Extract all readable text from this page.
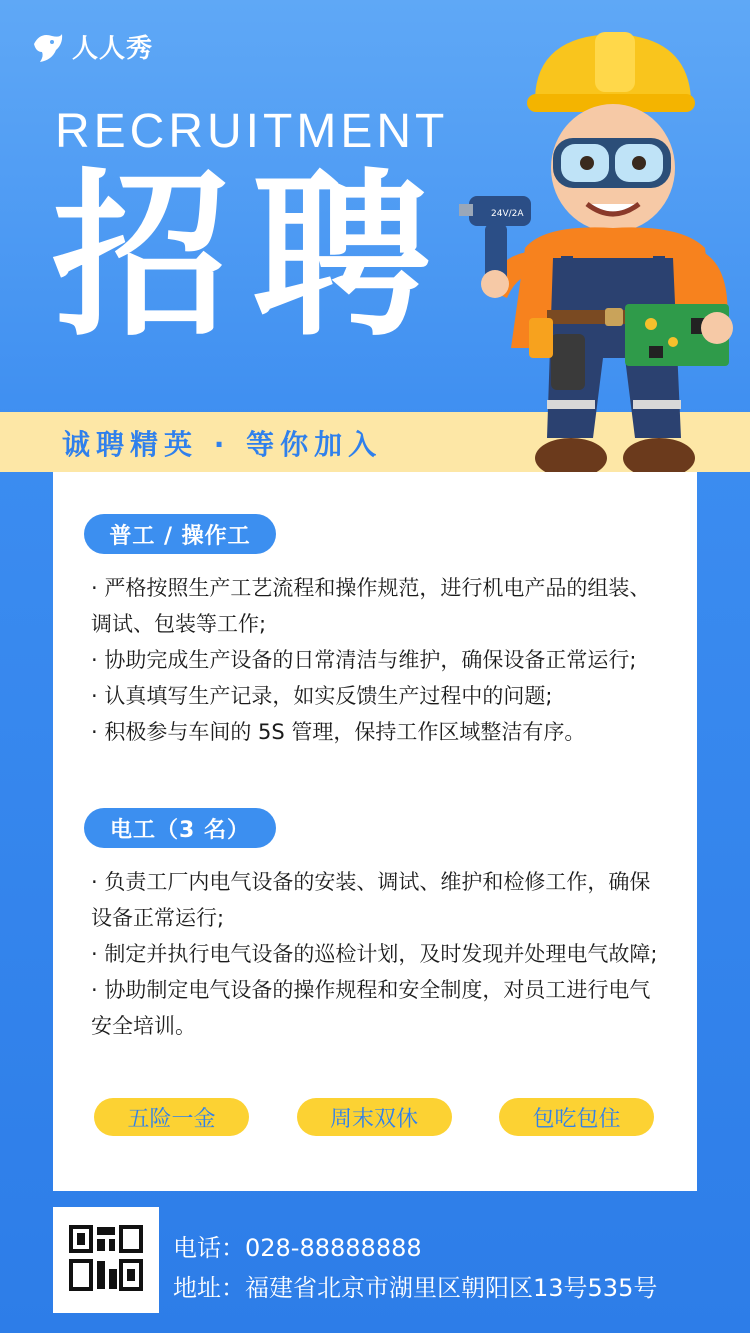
人人秀
RECRUITMENT
招聘
诚聘精英 · 等你加入
24V/2A
普工 / 操作工
· 严格按照生产工艺流程和操作规范，进行机电产品的组装、调试、包装等工作;
· 协助完成生产设备的日常清洁与维护，确保设备正常运行;
· 认真填写生产记录，如实反馈生产过程中的问题;
· 积极参与车间的 5S 管理，保持工作区域整洁有序。
电工（3 名）
· 负责工厂内电气设备的安装、调试、维护和检修工作，确保设备正常运行;
· 制定并执行电气设备的巡检计划，及时发现并处理电气故障;
· 协助制定电气设备的操作规程和安全制度，对员工进行电气安全培训。
五险一金	周末双休	包吃包住
电话：028-88888888
地址：福建省北京市湖里区朝阳区13号535号
